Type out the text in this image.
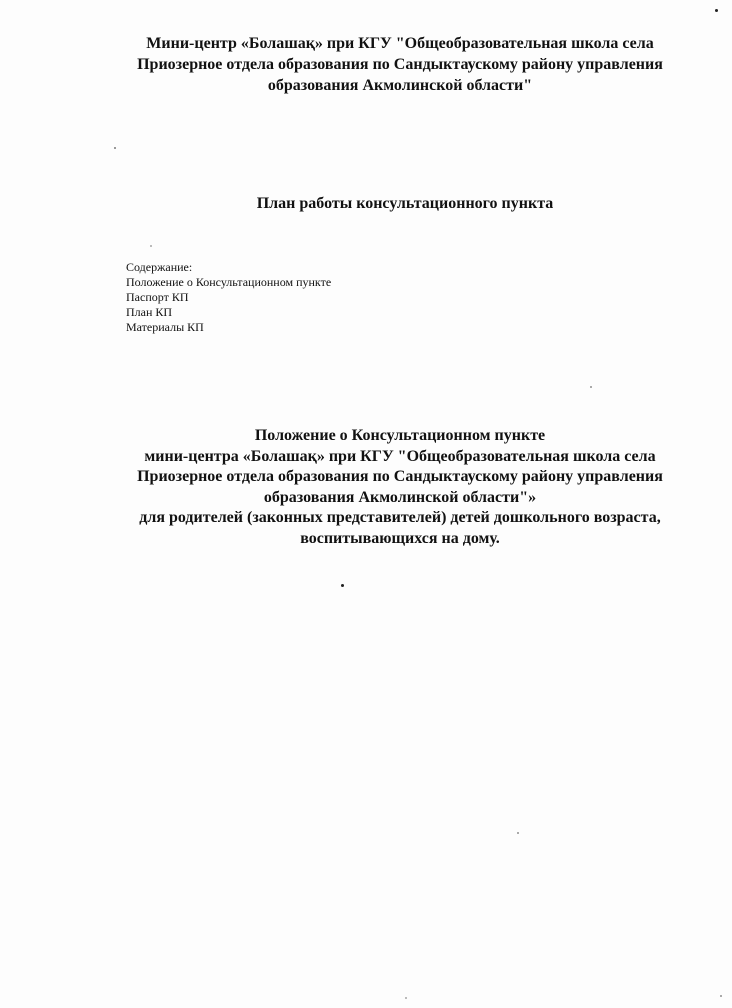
Мини-центр «Болашақ» при КГУ "Общеобразовательная школа села
Приозерное отдела образования по Сандыктаускому району управления
образования Акмолинской области"
План работы консультационного пункта
Содержание:
Положение о Консультационном пункте
Паспорт КП
План КП
Материалы КП
Положение о Консультационном пункте
мини-центра «Болашақ» при КГУ "Общеобразовательная школа села
Приозерное отдела образования по Сандыктаускому району управления
образования Акмолинской области"»
для родителей (законных представителей) детей дошкольного возраста,
воспитывающихся на дому.
